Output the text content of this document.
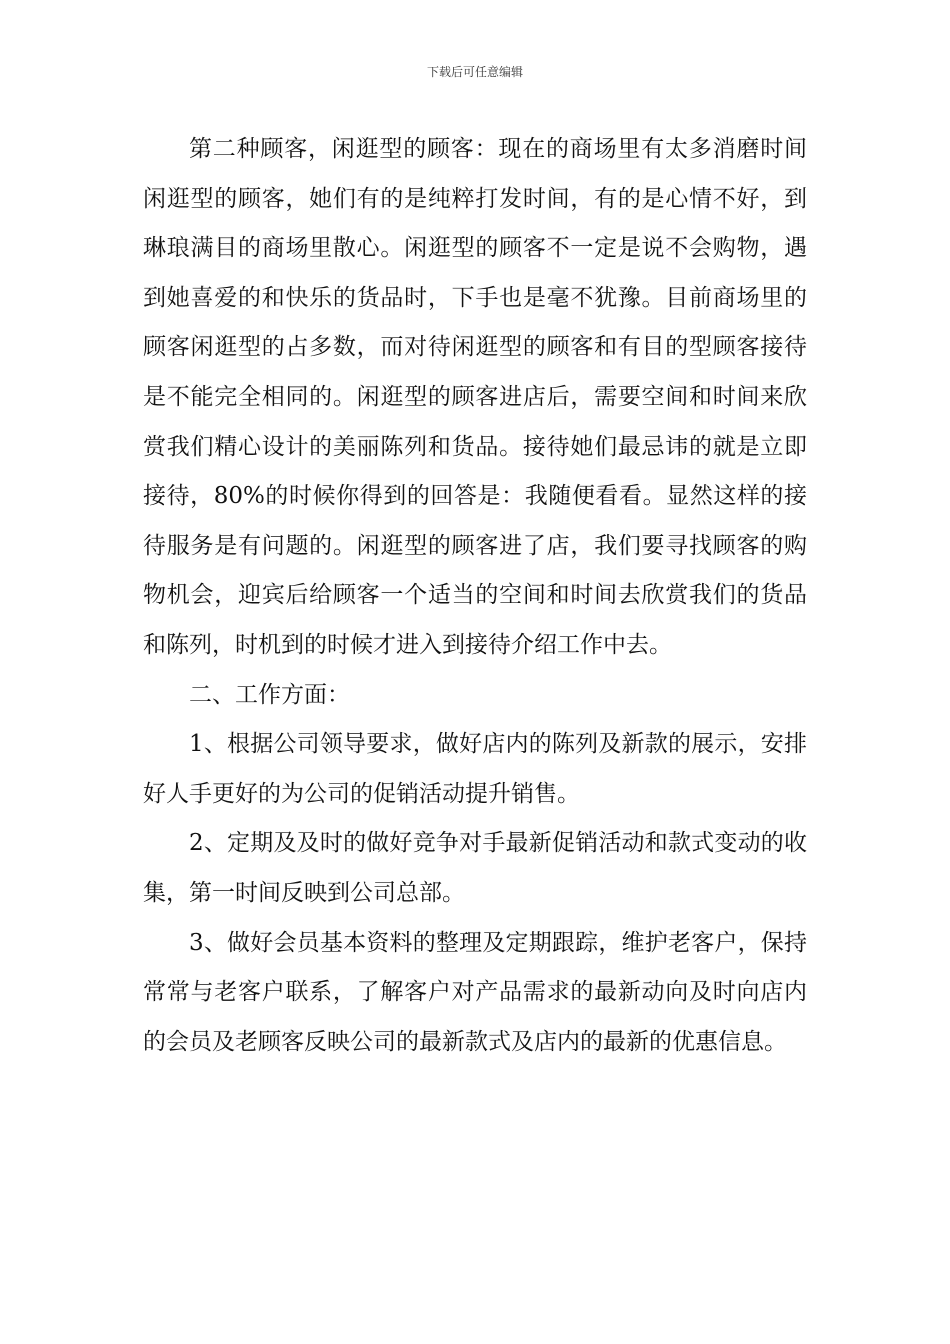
下载后可任意编辑

第二种顾客，闲逛型的顾客：现在的商场里有太多消磨时间闲逛型的顾客，她们有的是纯粹打发时间，有的是心情不好，到琳琅满目的商场里散心。闲逛型的顾客不一定是说不会购物，遇到她喜爱的和快乐的货品时，下手也是毫不犹豫。目前商场里的顾客闲逛型的占多数，而对待闲逛型的顾客和有目的型顾客接待是不能完全相同的。闲逛型的顾客进店后，需要空间和时间来欣赏我们精心设计的美丽陈列和货品。接待她们最忌讳的就是立即接待，80%的时候你得到的回答是：我随便看看。显然这样的接待服务是有问题的。闲逛型的顾客进了店，我们要寻找顾客的购物机会，迎宾后给顾客一个适当的空间和时间去欣赏我们的货品和陈列，时机到的时候才进入到接待介绍工作中去。

二、工作方面：

1、根据公司领导要求，做好店内的陈列及新款的展示，安排好人手更好的为公司的促销活动提升销售。

2、定期及及时的做好竞争对手最新促销活动和款式变动的收集，第一时间反映到公司总部。

3、做好会员基本资料的整理及定期跟踪，维护老客户，保持常常与老客户联系，了解客户对产品需求的最新动向及时向店内的会员及老顾客反映公司的最新款式及店内的最新的优惠信息。
